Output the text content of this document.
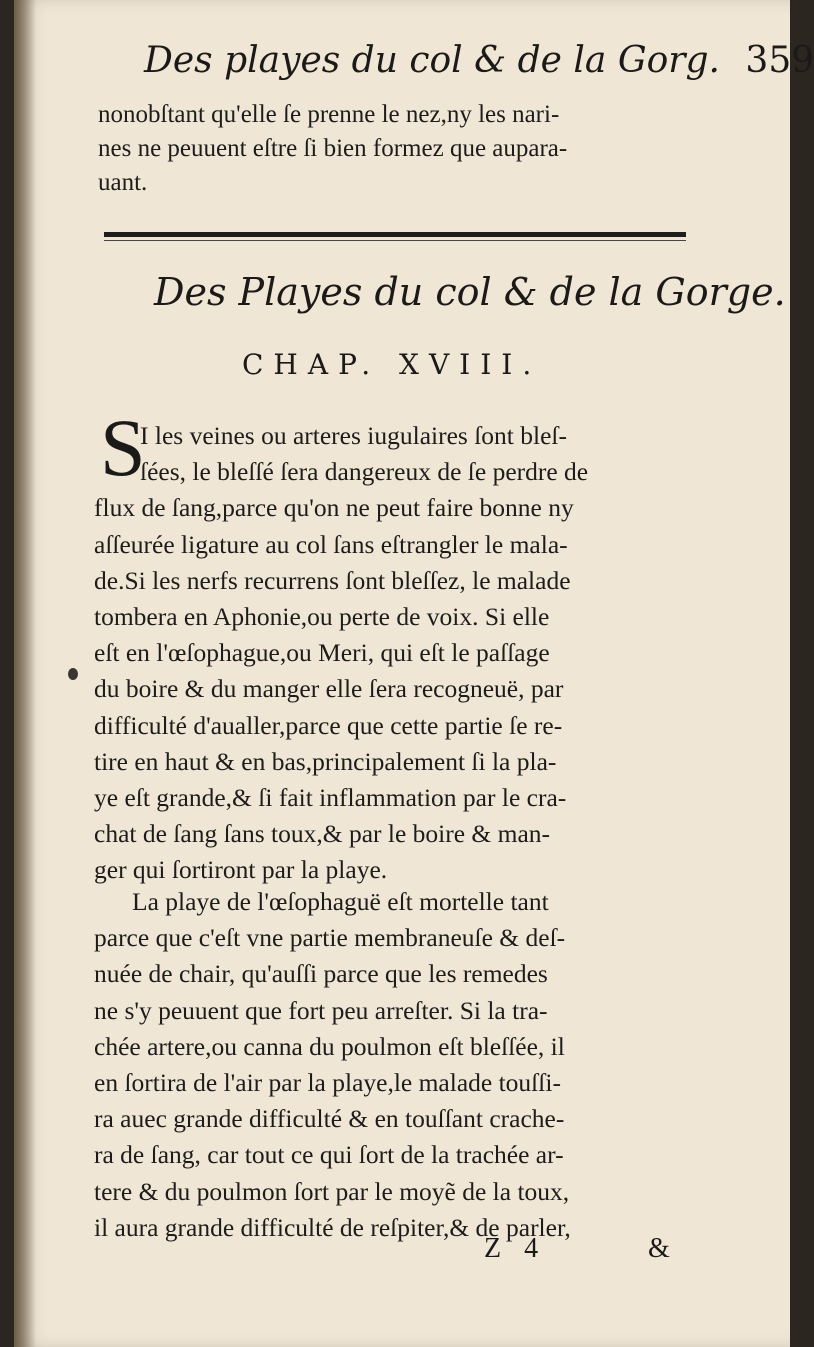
Des playes du col & de la Gorg. 359
nonobſtant qu'elle ſe prenne le nez,ny les nari-
nes ne peuuent eſtre ſi bien formez que aupara-
uant.
Des Playes du col & de la Gorge.
CHAP. XVIII.
S
I les veines ou arteres iugulaires ſont bleſ-
ſées, le bleſſé ſera dangereux de ſe perdre de
flux de ſang,parce qu'on ne peut faire bonne ny
aſſeurée ligature au col ſans eſtrangler le mala-
de.Si les nerfs recurrens ſont bleſſez, le malade
tombera en Aphonie,ou perte de voix. Si elle
eſt en l'œſophague,ou Meri, qui eſt le paſſage
du boire & du manger elle ſera recogneuë, par
difficulté d'aualler,parce que cette partie ſe re-
tire en haut & en bas,principalement ſi la pla-
ye eſt grande,& ſi fait inflammation par le cra-
chat de ſang ſans toux,& par le boire & man-
ger qui ſortiront par la playe.
La playe de l'œſophaguë eſt mortelle tant
parce que c'eſt vne partie membraneuſe & deſ-
nuée de chair, qu'auſſi parce que les remedes
ne s'y peuuent que fort peu arreſter. Si la tra-
chée artere,ou canna du poulmon eſt bleſſée, il
en ſortira de l'air par la playe,le malade touſſi-
ra auec grande difficulté & en touſſant crache-
ra de ſang, car tout ce qui ſort de la trachée ar-
tere & du poulmon ſort par le moyẽ de la toux,
il aura grande difficulté de reſpiter,& de parler,
Z 4	&
